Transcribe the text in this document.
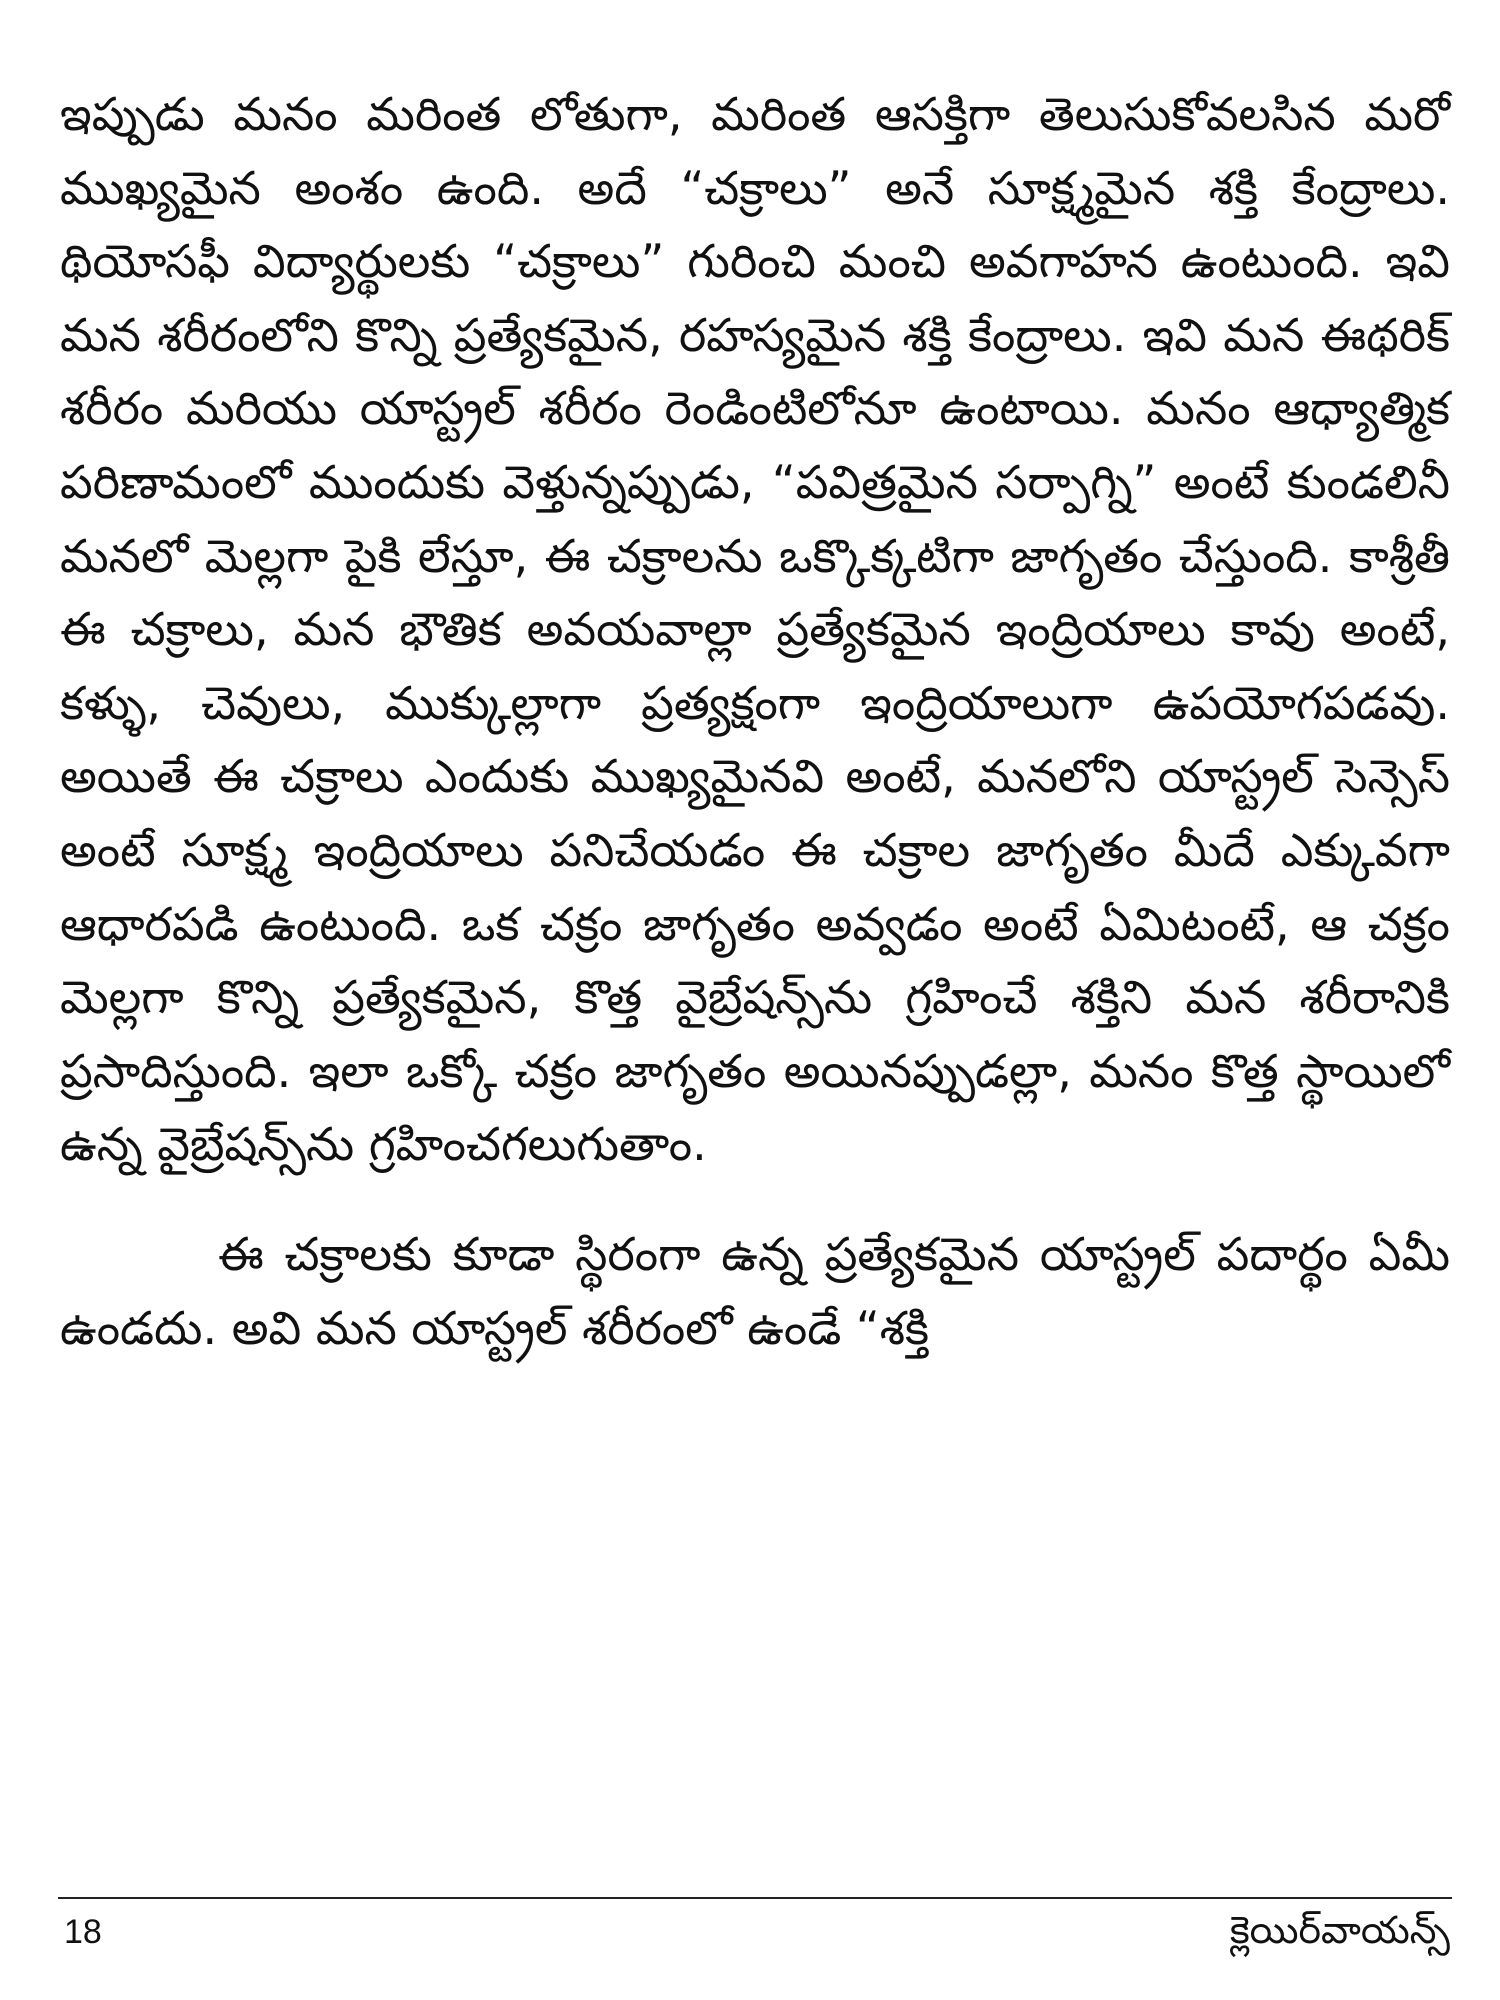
ఇప్పుడు మనం మరింత లోతుగా, మరింత ఆసక్తిగా తెలుసుకోవలసిన మరో ముఖ్యమైన అంశం ఉంది. అదే “చక్రాలు” అనే సూక్ష్మమైన శక్తి కేంద్రాలు. థియోసఫీ విద్యార్థులకు “చక్రాలు” గురించి మంచి అవగాహన ఉంటుంది. ఇవి మన శరీరంలోని కొన్ని ప్రత్యేకమైన, రహస్యమైన శక్తి కేంద్రాలు. ఇవి మన ఈథరిక్ శరీరం మరియు యాస్ట్రల్ శరీరం రెండింటిలోనూ ఉంటాయి. మనం ఆధ్యాత్మిక పరిణామంలో ముందుకు వెళ్తున్నప్పుడు, “పవిత్రమైన సర్పాగ్ని” అంటే కుండలినీ మనలో మెల్లగా పైకి లేస్తూ, ఈ చక్రాలను ఒక్కొక్కటిగా జాగృతం చేస్తుంది. కాశ్రీతీ ఈ చక్రాలు, మన భౌతిక అవయవాల్లా ప్రత్యేకమైన ఇంద్రియాలు కావు అంటే, కళ్ళు, చెవులు, ముక్కుల్లాగా ప్రత్యక్షంగా ఇంద్రియాలుగా ఉపయోగపడవు. అయితే ఈ చక్రాలు ఎందుకు ముఖ్యమైనవి అంటే, మనలోని యాస్ట్రల్ సెన్సెస్ అంటే సూక్ష్మ ఇంద్రియాలు పనిచేయడం ఈ చక్రాల జాగృతం మీదే ఎక్కువగా ఆధారపడి ఉంటుంది. ఒక చక్రం జాగృతం అవ్వడం అంటే ఏమిటంటే, ఆ చక్రం మెల్లగా కొన్ని ప్రత్యేకమైన, కొత్త వైబ్రేషన్స్‌ను గ్రహించే శక్తిని మన శరీరానికి ప్రసాదిస్తుంది. ఇలా ఒక్కో చక్రం జాగృతం అయినప్పుడల్లా, మనం కొత్త స్థాయిలో ఉన్న వైబ్రేషన్స్‌ను గ్రహించగలుగుతాం.

ఈ చక్రాలకు కూడా స్థిరంగా ఉన్న ప్రత్యేకమైన యాస్ట్రల్ పదార్థం ఏమీ ఉండదు. అవి మన యాస్ట్రల్ శరీరంలో ఉండే “శక్తి

18	క్లెయిర్‌వాయన్స్
